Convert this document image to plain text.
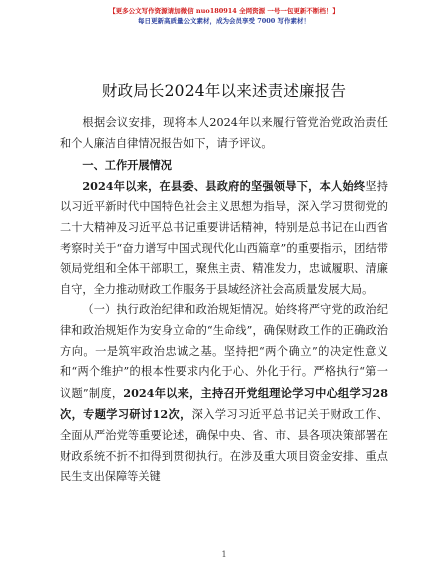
【更多公文写作资源请加微信 nuo180914 全网资源 一号一包更新不断档！】
每日更新高质量公文素材，成为会员享受 7000 写作素材！
财政局长2024年以来述责述廉报告

根据会议安排，现将本人2024年以来履行管党治党政治责任和个人廉洁自律情况报告如下，请予评议。

一、工作开展情况

2024年以来，在县委、县政府的坚强领导下，本人始终坚持以习近平新时代中国特色社会主义思想为指导，深入学习贯彻党的二十大精神及习近平总书记重要讲话精神，特别是总书记在山西省考察时关于“奋力谱写中国式现代化山西篇章”的重要指示，团结带领局党组和全体干部职工，聚焦主责、精准发力，忠诚履职、清廉自守，全力推动财政工作服务于县域经济社会高质量发展大局。

（一）执行政治纪律和政治规矩情况。始终将严守党的政治纪律和政治规矩作为安身立命的“生命线”，确保财政工作的正确政治方向。一是筑牢政治忠诚之基。坚持把“两个确立”的决定性意义和“两个维护”的根本性要求内化于心、外化于行。严格执行“第一议题”制度，2024年以来，主持召开党组理论学习中心组学习28次，专题学习研讨12次，深入学习习近平总书记关于财政工作、全面从严治党等重要论述，确保中央、省、市、县各项决策部署在财政系统不折不扣得到贯彻执行。在涉及重大项目资金安排、重点民生支出保障等关键

1
